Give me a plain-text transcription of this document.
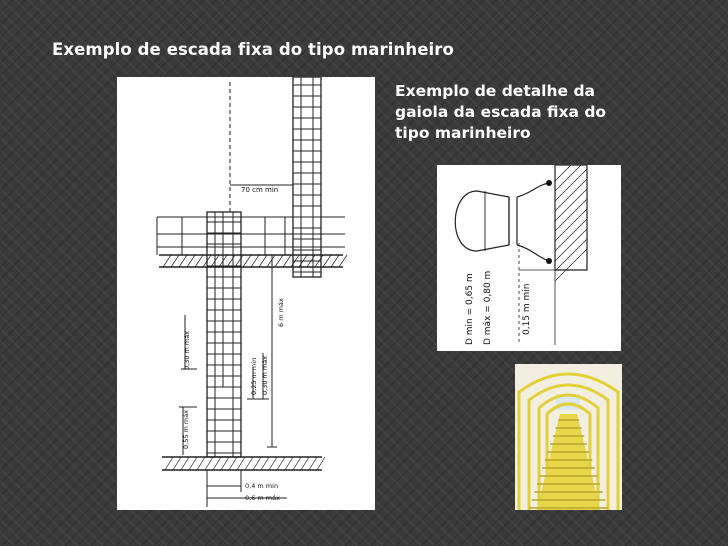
Exemplo de escada fixa do tipo marinheiro
Exemplo de detalhe da
gaiola da escada fixa do
tipo marinheiro
70 cm min
0,30 m máx
6 m máx
0,25 m min 0,30 m máx
0,55 m máx
0,4 m min
0,6 m máx
D min = 0,65 m D máx = 0,80 m	0,15 m min
